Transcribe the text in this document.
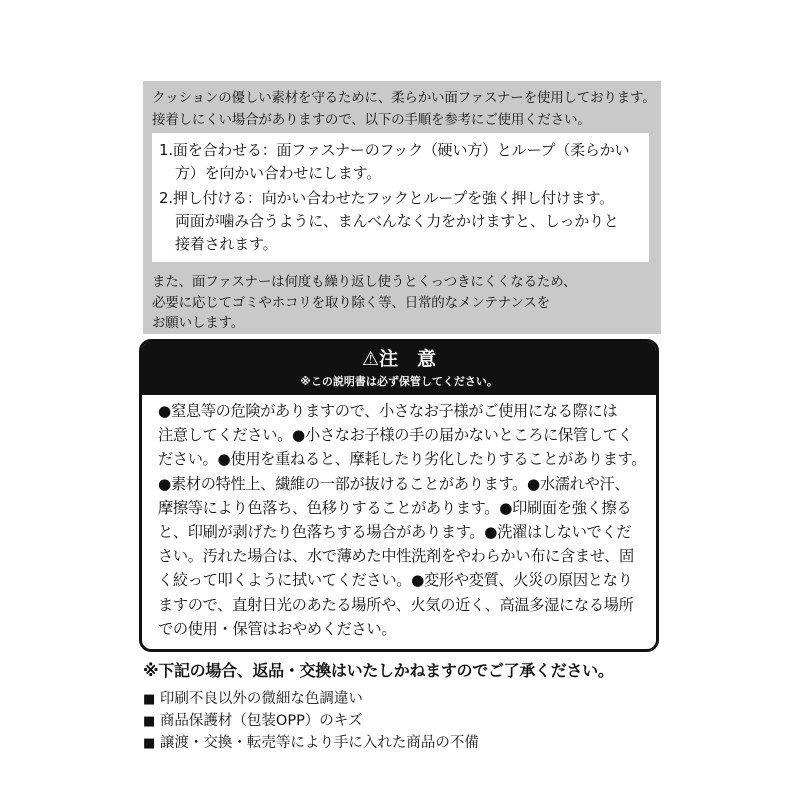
クッションの優しい素材を守るために、柔らかい面ファスナーを使用しております。
接着しにくい場合がありますので、以下の手順を参考にご使用ください。
また、面ファスナーは何度も繰り返し使うとくっつきにくくなるため、
必要に応じてゴミやホコリを取り除く等、日常的なメンテナンスを
お願いします。
1.面を合わせる：面ファスナーのフック（硬い方）とループ（柔らかい
方）を向かい合わせにします。
2.押し付ける：向かい合わせたフックとループを強く押し付けます。
両面が噛み合うように、まんべんなく力をかけますと、しっかりと
接着されます。
⚠注　意
※この説明書は必ず保管してください。
●窒息等の危険がありますので、小さなお子様がご使用になる際には
注意してください。●小さなお子様の手の届かないところに保管してく
ださい。●使用を重ねると、摩耗したり劣化したりすることがあります。
●素材の特性上、繊維の一部が抜けることがあります。●水濡れや汗、
摩擦等により色落ち、色移りすることがあります。●印刷面を強く擦る
と、印刷が剥げたり色落ちする場合があります。●洗濯はしないでくだ
さい。汚れた場合は、水で薄めた中性洗剤をやわらかい布に含ませ、固
く絞って叩くように拭いてください。●変形や変質、火災の原因となり
ますので、直射日光のあたる場所や、火気の近く、高温多湿になる場所
での使用・保管はおやめください。
※下記の場合、返品・交換はいたしかねますのでご了承ください。
■ 印刷不良以外の微細な色調違い
■ 商品保護材（包装OPP）のキズ
■ 譲渡・交換・転売等により手に入れた商品の不備
